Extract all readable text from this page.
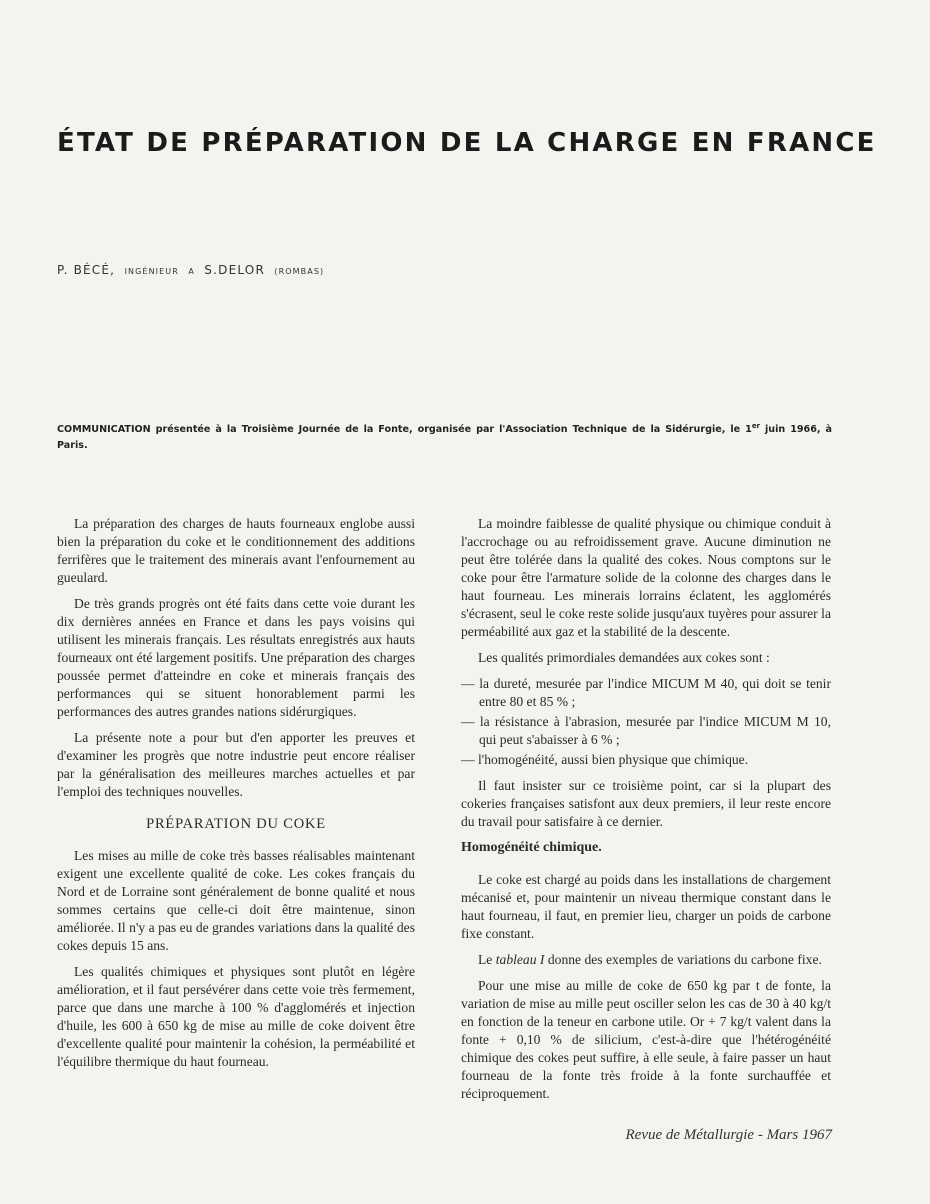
ÉTAT DE PRÉPARATION DE LA CHARGE EN FRANCE
P. BÉCÉ, INGÉNIEUR A S.DELOR (ROMBAS)
COMMUNICATION présentée à la Troisième Journée de la Fonte, organisée par l'Association Technique de la Sidérurgie, le 1er juin 1966, à Paris.

La préparation des charges de hauts fourneaux englobe aussi bien la préparation du coke et le conditionnement des additions ferrifères que le traitement des minerais avant l'enfournement au gueulard.

De très grands progrès ont été faits dans cette voie durant les dix dernières années en France et dans les pays voisins qui utilisent les minerais français. Les résultats enregistrés aux hauts fourneaux ont été largement positifs. Une préparation des charges poussée permet d'atteindre en coke et minerais français des performances qui se situent honorablement parmi les performances des autres grandes nations sidérurgiques.

La présente note a pour but d'en apporter les preuves et d'examiner les progrès que notre industrie peut encore réaliser par la généralisation des meilleures marches actuelles et par l'emploi des techniques nouvelles.

PRÉPARATION DU COKE

Les mises au mille de coke très basses réalisables maintenant exigent une excellente qualité de coke. Les cokes français du Nord et de Lorraine sont généralement de bonne qualité et nous sommes certains que celle-ci doit être maintenue, sinon améliorée. Il n'y a pas eu de grandes variations dans la qualité des cokes depuis 15 ans.

Les qualités chimiques et physiques sont plutôt en légère amélioration, et il faut persévérer dans cette voie très fermement, parce que dans une marche à 100 % d'agglomérés et injection d'huile, les 600 à 650 kg de mise au mille de coke doivent être d'excellente qualité pour maintenir la cohésion, la perméabilité et l'équilibre thermique du haut fourneau.

La moindre faiblesse de qualité physique ou chimique conduit à l'accrochage ou au refroidissement grave. Aucune diminution ne peut être tolérée dans la qualité des cokes. Nous comptons sur le coke pour être l'armature solide de la colonne des charges dans le haut fourneau. Les minerais lorrains éclatent, les agglomérés s'écrasent, seul le coke reste solide jusqu'aux tuyères pour assurer la perméabilité aux gaz et la stabilité de la descente.

Les qualités primordiales demandées aux cokes sont :

— la dureté, mesurée par l'indice MICUM M 40, qui doit se tenir entre 80 et 85 % ;

— la résistance à l'abrasion, mesurée par l'indice MICUM M 10, qui peut s'abaisser à 6 % ;

— l'homogénéité, aussi bien physique que chimique.

Il faut insister sur ce troisième point, car si la plupart des cokeries françaises satisfont aux deux premiers, il leur reste encore du travail pour satisfaire à ce dernier.

Homogénéité chimique.

Le coke est chargé au poids dans les installations de chargement mécanisé et, pour maintenir un niveau thermique constant dans le haut fourneau, il faut, en premier lieu, charger un poids de carbone fixe constant.

Le tableau I donne des exemples de variations du carbone fixe.

Pour une mise au mille de coke de 650 kg par t de fonte, la variation de mise au mille peut osciller selon les cas de 30 à 40 kg/t en fonction de la teneur en carbone utile. Or + 7 kg/t valent dans la fonte + 0,10 % de silicium, c'est-à-dire que l'hétérogénéité chimique des cokes peut suffire, à elle seule, à faire passer un haut fourneau de la fonte très froide à la fonte surchauffée et réciproquement.

Revue de Métallurgie - Mars 1967
